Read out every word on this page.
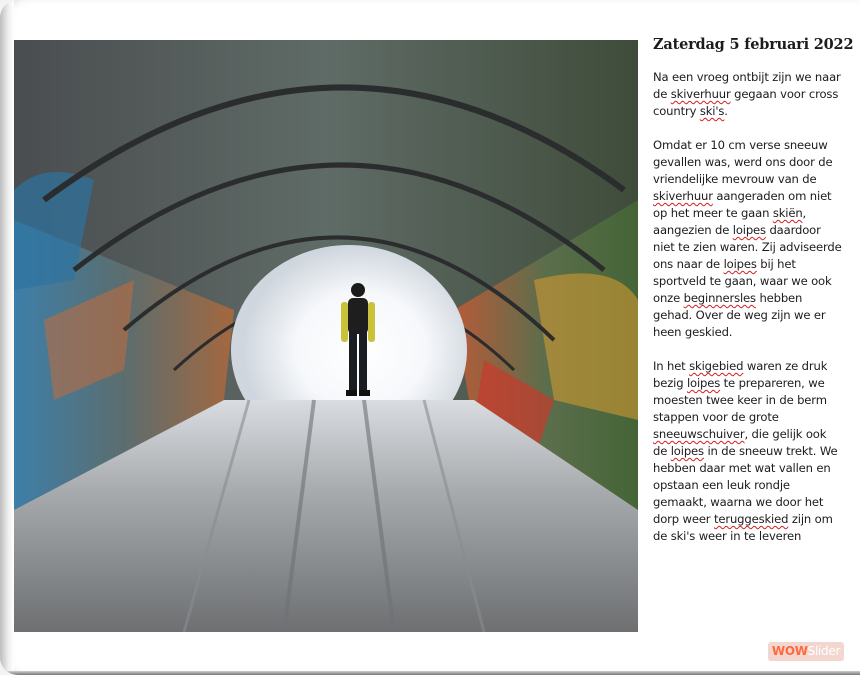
Zaterdag 5 februari 2022

Na een vroeg ontbijt zijn we naar de skiverhuur gegaan voor cross country ski's.

Omdat er 10 cm verse sneeuw gevallen was, werd ons door de vriendelijke mevrouw van de skiverhuur aangeraden om niet op het meer te gaan skiën, aangezien de loipes daardoor niet te zien waren. Zij adviseerde ons naar de loipes bij het sportveld te gaan, waar we ook onze beginnersles hebben gehad. Over de weg zijn we er heen geskied.

In het skigebied waren ze druk bezig loipes te prepareren, we moesten twee keer in de berm stappen voor de grote sneeuwschuiver, die gelijk ook de loipes in de sneeuw trekt. We hebben daar met wat vallen en opstaan een leuk rondje gemaakt, waarna we door het dorp weer teruggeskied zijn om de ski's weer in te leveren

WOWSlider
